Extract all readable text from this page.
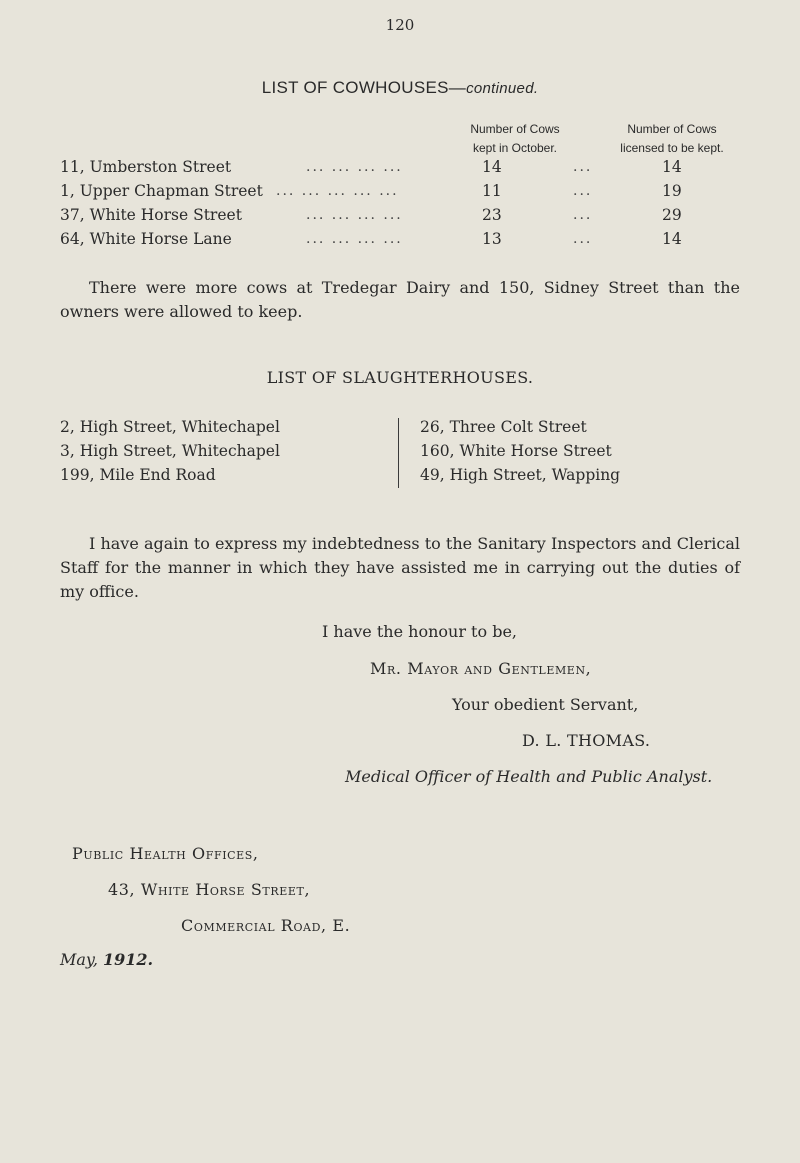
120
LIST OF COWHOUSES—continued.
Number of Cows
kept in October.
Number of Cows
licensed to be kept.
11, Umberston Street	... ... ... ...	14	...	14
1, Upper Chapman Street ... ... ... ... ...	11	...	19
37, White Horse Street	... ... ... ...	23	...	29
64, White Horse Lane	... ... ... ...	13	...	14
There were more cows at Tredegar Dairy and 150, Sidney Street than the owners were allowed to keep.
LIST OF SLAUGHTERHOUSES.
2, High Street, Whitechapel
3, High Street, Whitechapel
199, Mile End Road
26, Three Colt Street
160, White Horse Street
49, High Street, Wapping
I have again to express my indebtedness to the Sanitary Inspectors and Clerical Staff for the manner in which they have assisted me in carrying out the duties of my office.
I have the honour to be,
Mr. Mayor and Gentlemen,
Your obedient Servant,
D. L. THOMAS.
Medical Officer of Health and Public Analyst.
Public Health Offices,
43, White Horse Street,
Commercial Road, E.
May, 1912.
